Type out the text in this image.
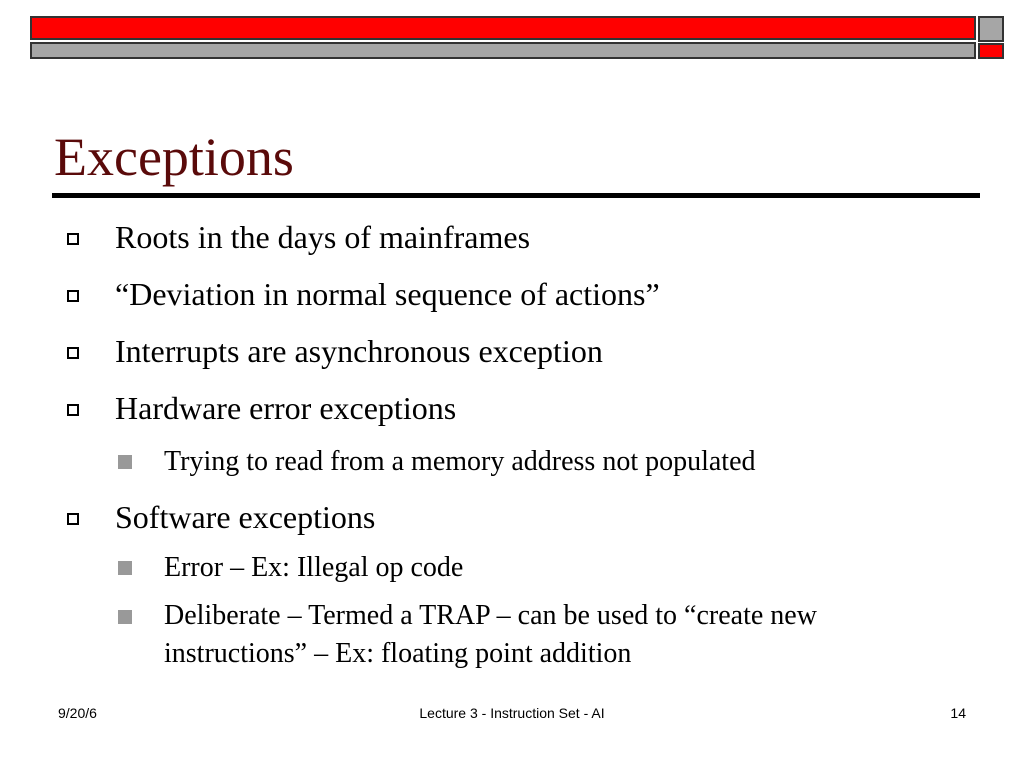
Exceptions
Roots in the days of mainframes
“Deviation in normal sequence of actions”
Interrupts are asynchronous exception
Hardware error exceptions
Trying to read from a memory address not populated
Software exceptions
Error – Ex: Illegal op code
Deliberate – Termed a TRAP – can be used to “create new instructions” – Ex: floating point addition
9/20/6	Lecture 3 - Instruction Set - AI	14
